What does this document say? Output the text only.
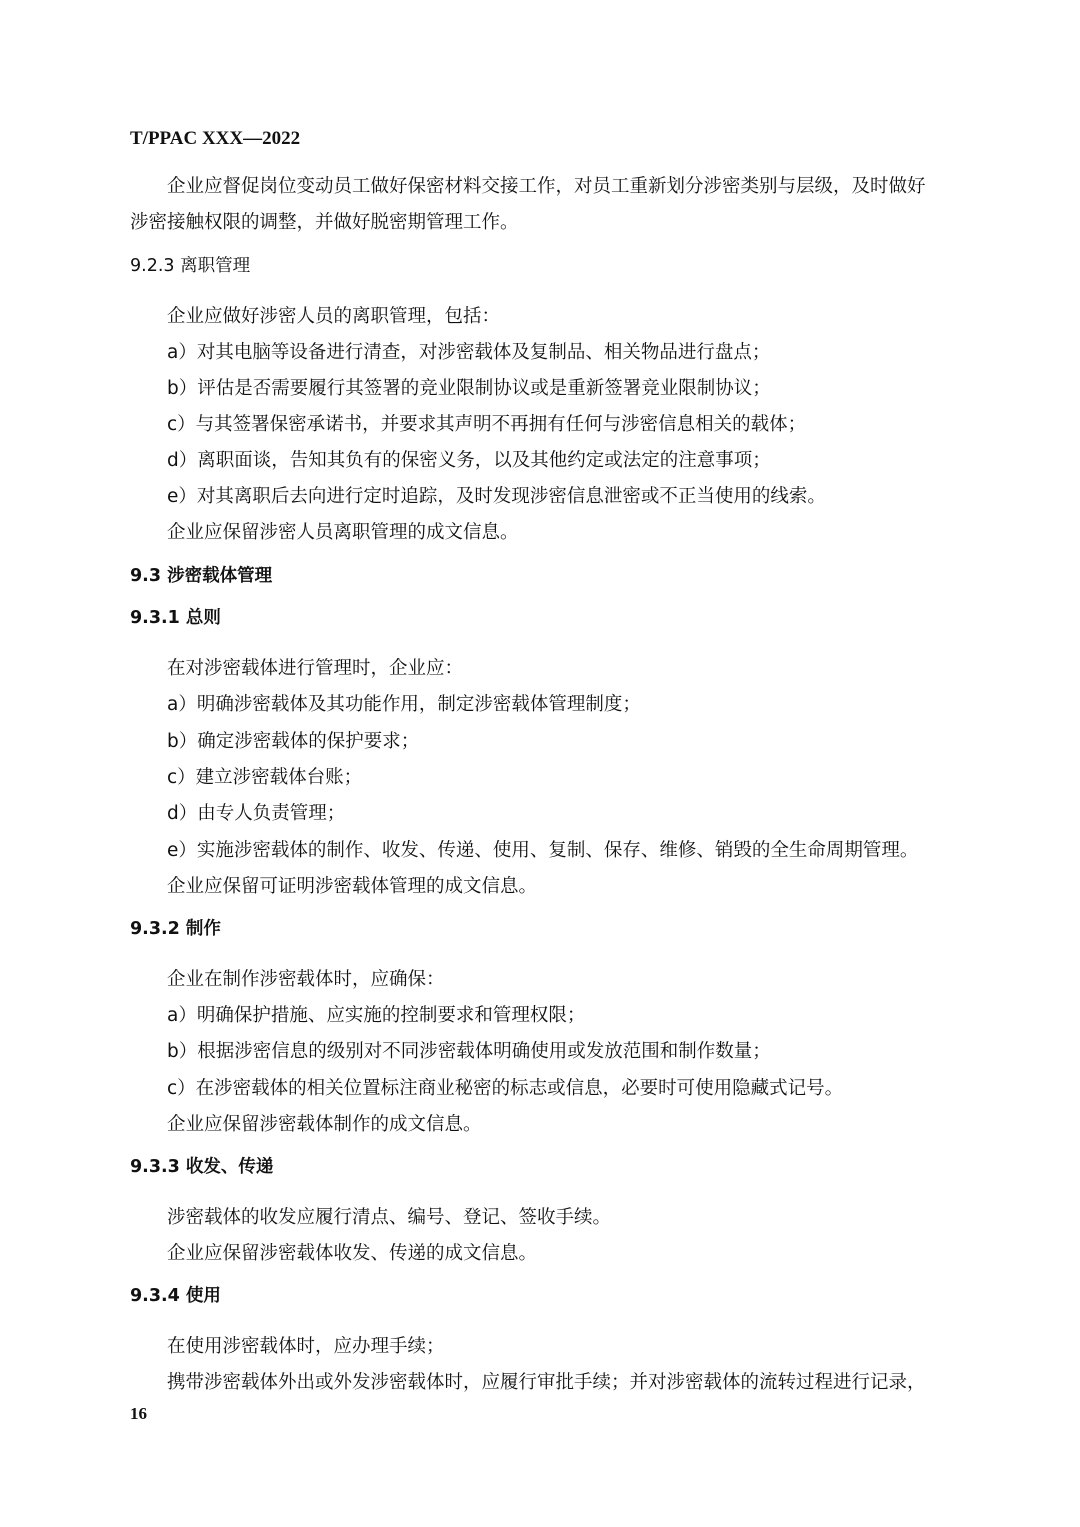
T/PPAC XXX—2022
企业应督促岗位变动员工做好保密材料交接工作，对员工重新划分涉密类别与层级，及时做好
涉密接触权限的调整，并做好脱密期管理工作。
9.2.3 离职管理
企业应做好涉密人员的离职管理，包括：
a）对其电脑等设备进行清查，对涉密载体及复制品、相关物品进行盘点；
b）评估是否需要履行其签署的竞业限制协议或是重新签署竞业限制协议；
c）与其签署保密承诺书，并要求其声明不再拥有任何与涉密信息相关的载体；
d）离职面谈，告知其负有的保密义务，以及其他约定或法定的注意事项；
e）对其离职后去向进行定时追踪，及时发现涉密信息泄密或不正当使用的线索。
企业应保留涉密人员离职管理的成文信息。
9.3 涉密载体管理
9.3.1 总则
在对涉密载体进行管理时，企业应：
a）明确涉密载体及其功能作用，制定涉密载体管理制度；
b）确定涉密载体的保护要求；
c）建立涉密载体台账；
d）由专人负责管理；
e）实施涉密载体的制作、收发、传递、使用、复制、保存、维修、销毁的全生命周期管理。
企业应保留可证明涉密载体管理的成文信息。
9.3.2 制作
企业在制作涉密载体时，应确保：
a）明确保护措施、应实施的控制要求和管理权限；
b）根据涉密信息的级别对不同涉密载体明确使用或发放范围和制作数量；
c）在涉密载体的相关位置标注商业秘密的标志或信息，必要时可使用隐藏式记号。
企业应保留涉密载体制作的成文信息。
9.3.3 收发、传递
涉密载体的收发应履行清点、编号、登记、签收手续。
企业应保留涉密载体收发、传递的成文信息。
9.3.4 使用
在使用涉密载体时，应办理手续；
携带涉密载体外出或外发涉密载体时，应履行审批手续；并对涉密载体的流转过程进行记录，
16
